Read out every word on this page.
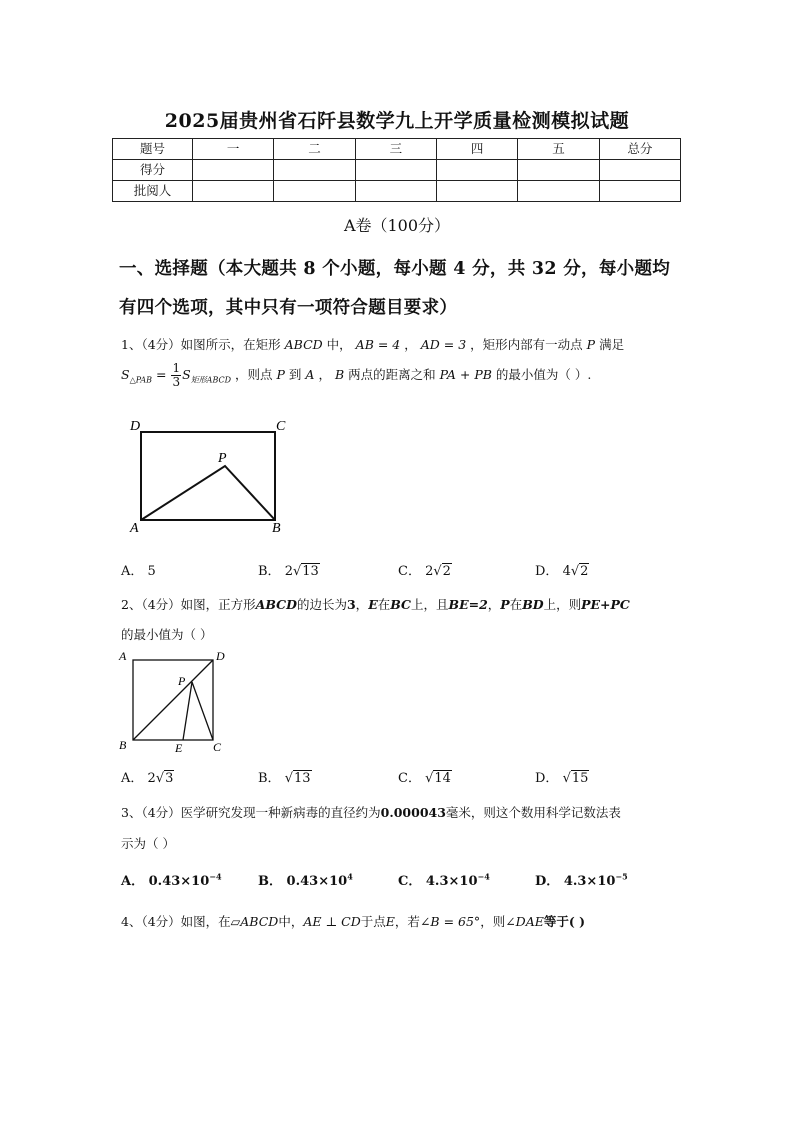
2025届贵州省石阡县数学九上开学质量检测模拟试题
题号	一	二	三	四	五	总分
得分						
批阅人						
A卷（100分）
一、选择题（本大题共 8 个小题，每小题 4 分，共 32 分，每小题均
有四个选项，其中只有一项符合题目要求）
1、（4分）如图所示，在矩形 ABCD 中， AB = 4 ， AD = 3 ，矩形内部有一动点 P 满足
$S_{\triangle PAB} = \frac{1}{3} S_{矩形ABCD}$ ，则点 P 到 A ， B 两点的距离之和 PA + PB 的最小值为（ ）.
D	C
P
A	B
A． 5	B． 2√13	C． 2√2	D． 4√2
2、（4分）如图，正方形ABCD的边长为3，E在BC上，且BE=2，P在BD上，则PE+PC
的最小值为（ ）
A	D
P
B	E	C
A． 2√3	B． √13	C． √14	D． √15
3、（4分）医学研究发现一种新病毒的直径约为0.000043毫米，则这个数用科学记数法表
示为（ ）
A． $0.43\times 10^{-4}$	B． $0.43\times 10^4$	C． $4.3\times 10^{-4}$	D． $4.3\times 10^{-5}$
4、（4分）如图，在▱ABCD中，AE ⊥ CD于点E，若∠B = 65°，则∠DAE等于( )
